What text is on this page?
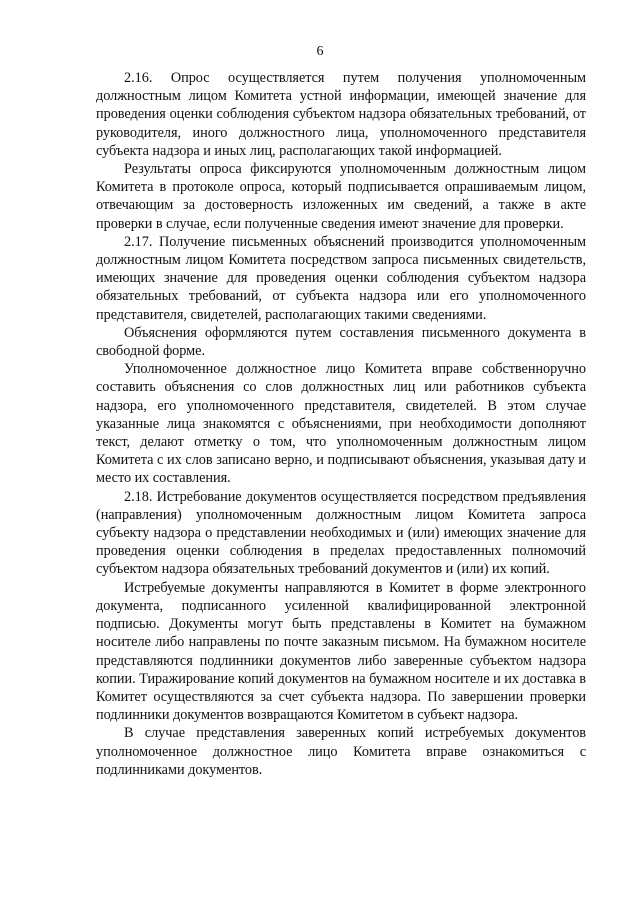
6

2.16. Опрос осуществляется путем получения уполномоченным должностным лицом Комитета устной информации, имеющей значение для проведения оценки соблюдения субъектом надзора обязательных требований, от руководителя, иного должностного лица, уполномоченного представителя субъекта надзора и иных лиц, располагающих такой информацией.

Результаты опроса фиксируются уполномоченным должностным лицом Комитета в протоколе опроса, который подписывается опрашиваемым лицом, отвечающим за достоверность изложенных им сведений, а также в акте проверки в случае, если полученные сведения имеют значение для проверки.

2.17. Получение письменных объяснений производится уполномоченным должностным лицом Комитета посредством запроса письменных свидетельств, имеющих значение для проведения оценки соблюдения субъектом надзора обязательных требований, от субъекта надзора или его уполномоченного представителя, свидетелей, располагающих такими сведениями.

Объяснения оформляются путем составления письменного документа в свободной форме.

Уполномоченное должностное лицо Комитета вправе собственноручно составить объяснения со слов должностных лиц или работников субъекта надзора, его уполномоченного представителя, свидетелей. В этом случае указанные лица знакомятся с объяснениями, при необходимости дополняют текст, делают отметку о том, что уполномоченным должностным лицом Комитета с их слов записано верно, и подписывают объяснения, указывая дату и место их составления.

2.18. Истребование документов осуществляется посредством предъявления (направления) уполномоченным должностным лицом Комитета запроса субъекту надзора о представлении необходимых и (или) имеющих значение для проведения оценки соблюдения в пределах предоставленных полномочий субъектом надзора обязательных требований документов и (или) их копий.

Истребуемые документы направляются в Комитет в форме электронного документа, подписанного усиленной квалифицированной электронной подписью. Документы могут быть представлены в Комитет на бумажном носителе либо направлены по почте заказным письмом. На бумажном носителе представляются подлинники документов либо заверенные субъектом надзора копии. Тиражирование копий документов на бумажном носителе и их доставка в Комитет осуществляются за счет субъекта надзора. По завершении проверки подлинники документов возвращаются Комитетом в субъект надзора.

В случае представления заверенных копий истребуемых документов уполномоченное должностное лицо Комитета вправе ознакомиться с подлинниками документов.
